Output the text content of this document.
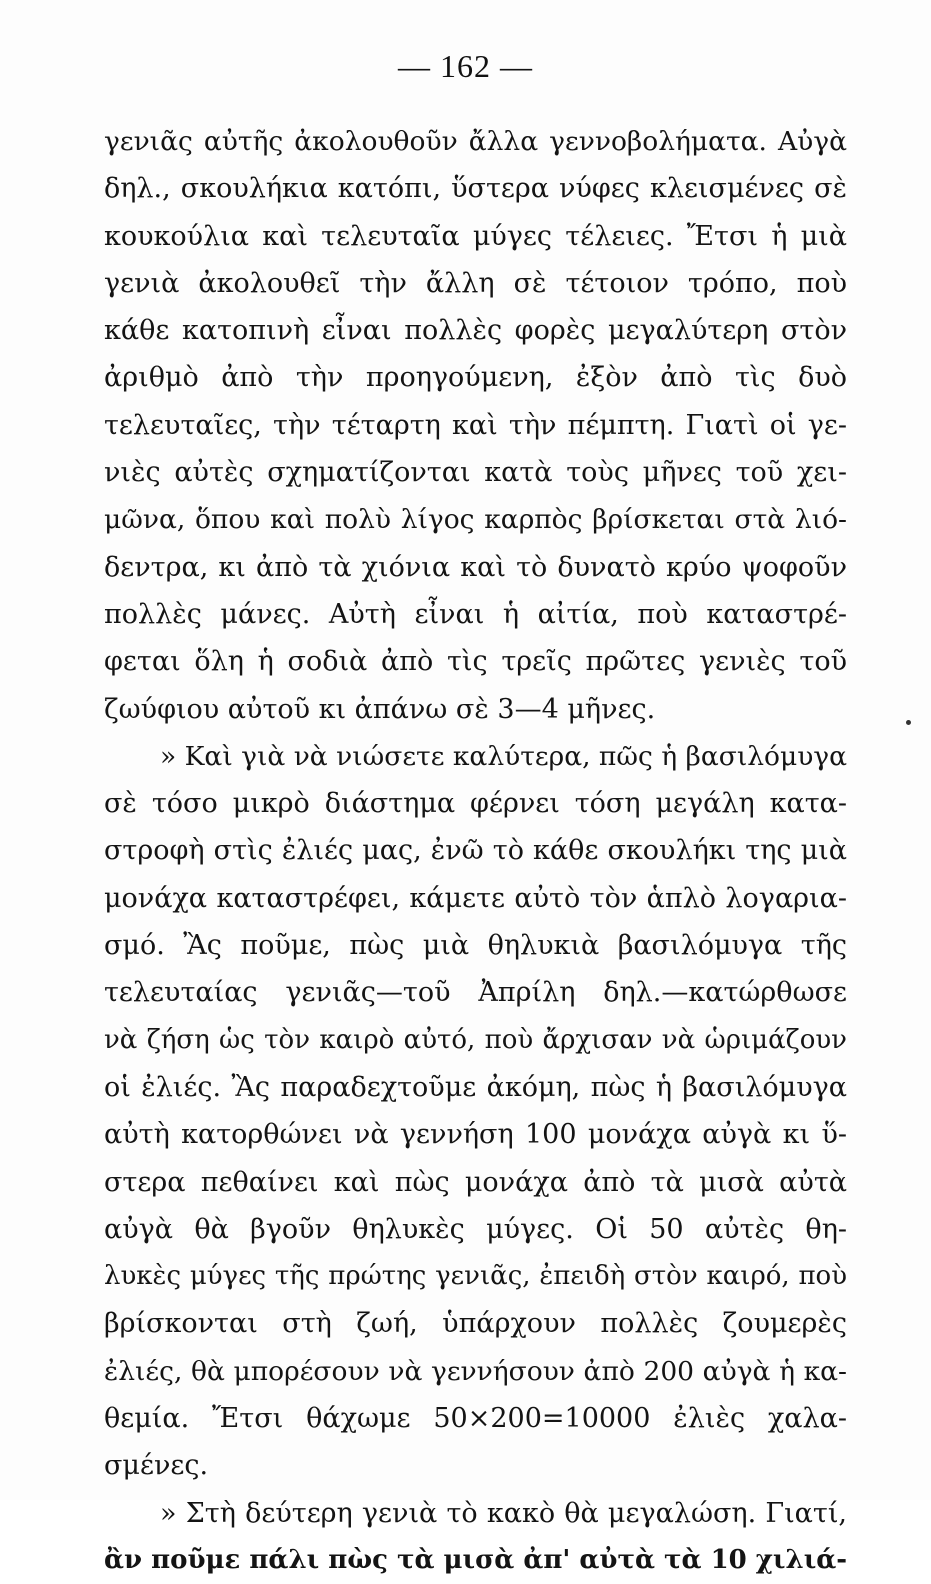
— 162 —
γενιᾶς αὐτῆς ἀκολουθοῦν ἄλλα γεννοβολήματα. Αὐγὰ
δηλ., σκουλήκια κατόπι, ὕστερα νύφες κλεισμένες σὲ
κουκούλια καὶ τελευταῖα μύγες τέλειες. Ἔτσι ἡ μιὰ
γενιὰ ἀκολουθεῖ τὴν ἄλλη σὲ τέτοιον τρόπο, ποὺ
κάθε κατοπινὴ εἶναι πολλὲς φορὲς μεγαλύτερη στὸν
ἀριθμὸ ἀπὸ τὴν προηγούμενη, ἐξὸν ἀπὸ τὶς δυὸ
τελευταῖες, τὴν τέταρτη καὶ τὴν πέμπτη. Γιατὶ οἱ γε-
νιὲς αὐτὲς σχηματίζονται κατὰ τοὺς μῆνες τοῦ χει-
μῶνα, ὅπου καὶ πολὺ λίγος καρπὸς βρίσκεται στὰ λιό-
δεντρα, κι ἀπὸ τὰ χιόνια καὶ τὸ δυνατὸ κρύο ψοφοῦν
πολλὲς μάνες. Αὐτὴ εἶναι ἡ αἰτία, ποὺ καταστρέ-
φεται ὅλη ἡ σοδιὰ ἀπὸ τὶς τρεῖς πρῶτες γενιὲς τοῦ
ζωύφιου αὐτοῦ κι ἀπάνω σὲ 3—4 μῆνες.
» Καὶ γιὰ νὰ νιώσετε καλύτερα, πῶς ἡ βασιλόμυγα
σὲ τόσο μικρὸ διάστημα φέρνει τόση μεγάλη κατα-
στροφὴ στὶς ἐλιές μας, ἐνῶ τὸ κάθε σκουλήκι της μιὰ
μονάχα καταστρέφει, κάμετε αὐτὸ τὸν ἁπλὸ λογαρια-
σμό. Ἂς ποῦμε, πὼς μιὰ θηλυκιὰ βασιλόμυγα τῆς
τελευταίας γενιᾶς—τοῦ Ἀπρίλη δηλ.—κατώρθωσε
νὰ ζήση ὡς τὸν καιρὸ αὐτό, ποὺ ἄρχισαν νὰ ὡριμάζουν
οἱ ἐλιές. Ἂς παραδεχτοῦμε ἀκόμη, πὼς ἡ βασιλόμυγα
αὐτὴ κατορθώνει νὰ γεννήση 100 μονάχα αὐγὰ κι ὕ-
στερα πεθαίνει καὶ πὼς μονάχα ἀπὸ τὰ μισὰ αὐτὰ
αὐγὰ θὰ βγοῦν θηλυκὲς μύγες. Οἱ 50 αὐτὲς θη-
λυκὲς μύγες τῆς πρώτης γενιᾶς, ἐπειδὴ στὸν καιρό, ποὺ
βρίσκονται στὴ ζωή, ὑπάρχουν πολλὲς ζουμερὲς
ἐλιές, θὰ μπορέσουν νὰ γεννήσουν ἀπὸ 200 αὐγὰ ἡ κα-
θεμία. Ἔτσι θάχωμε 50×200=10000 ἐλιὲς χαλα-
σμένες.
» Στὴ δεύτερη γενιὰ τὸ κακὸ θὰ μεγαλώση. Γιατί,
ἂν ποῦμε πάλι πὼς τὰ μισὰ ἀπ' αὐτὰ τὰ 10 χιλιά-
